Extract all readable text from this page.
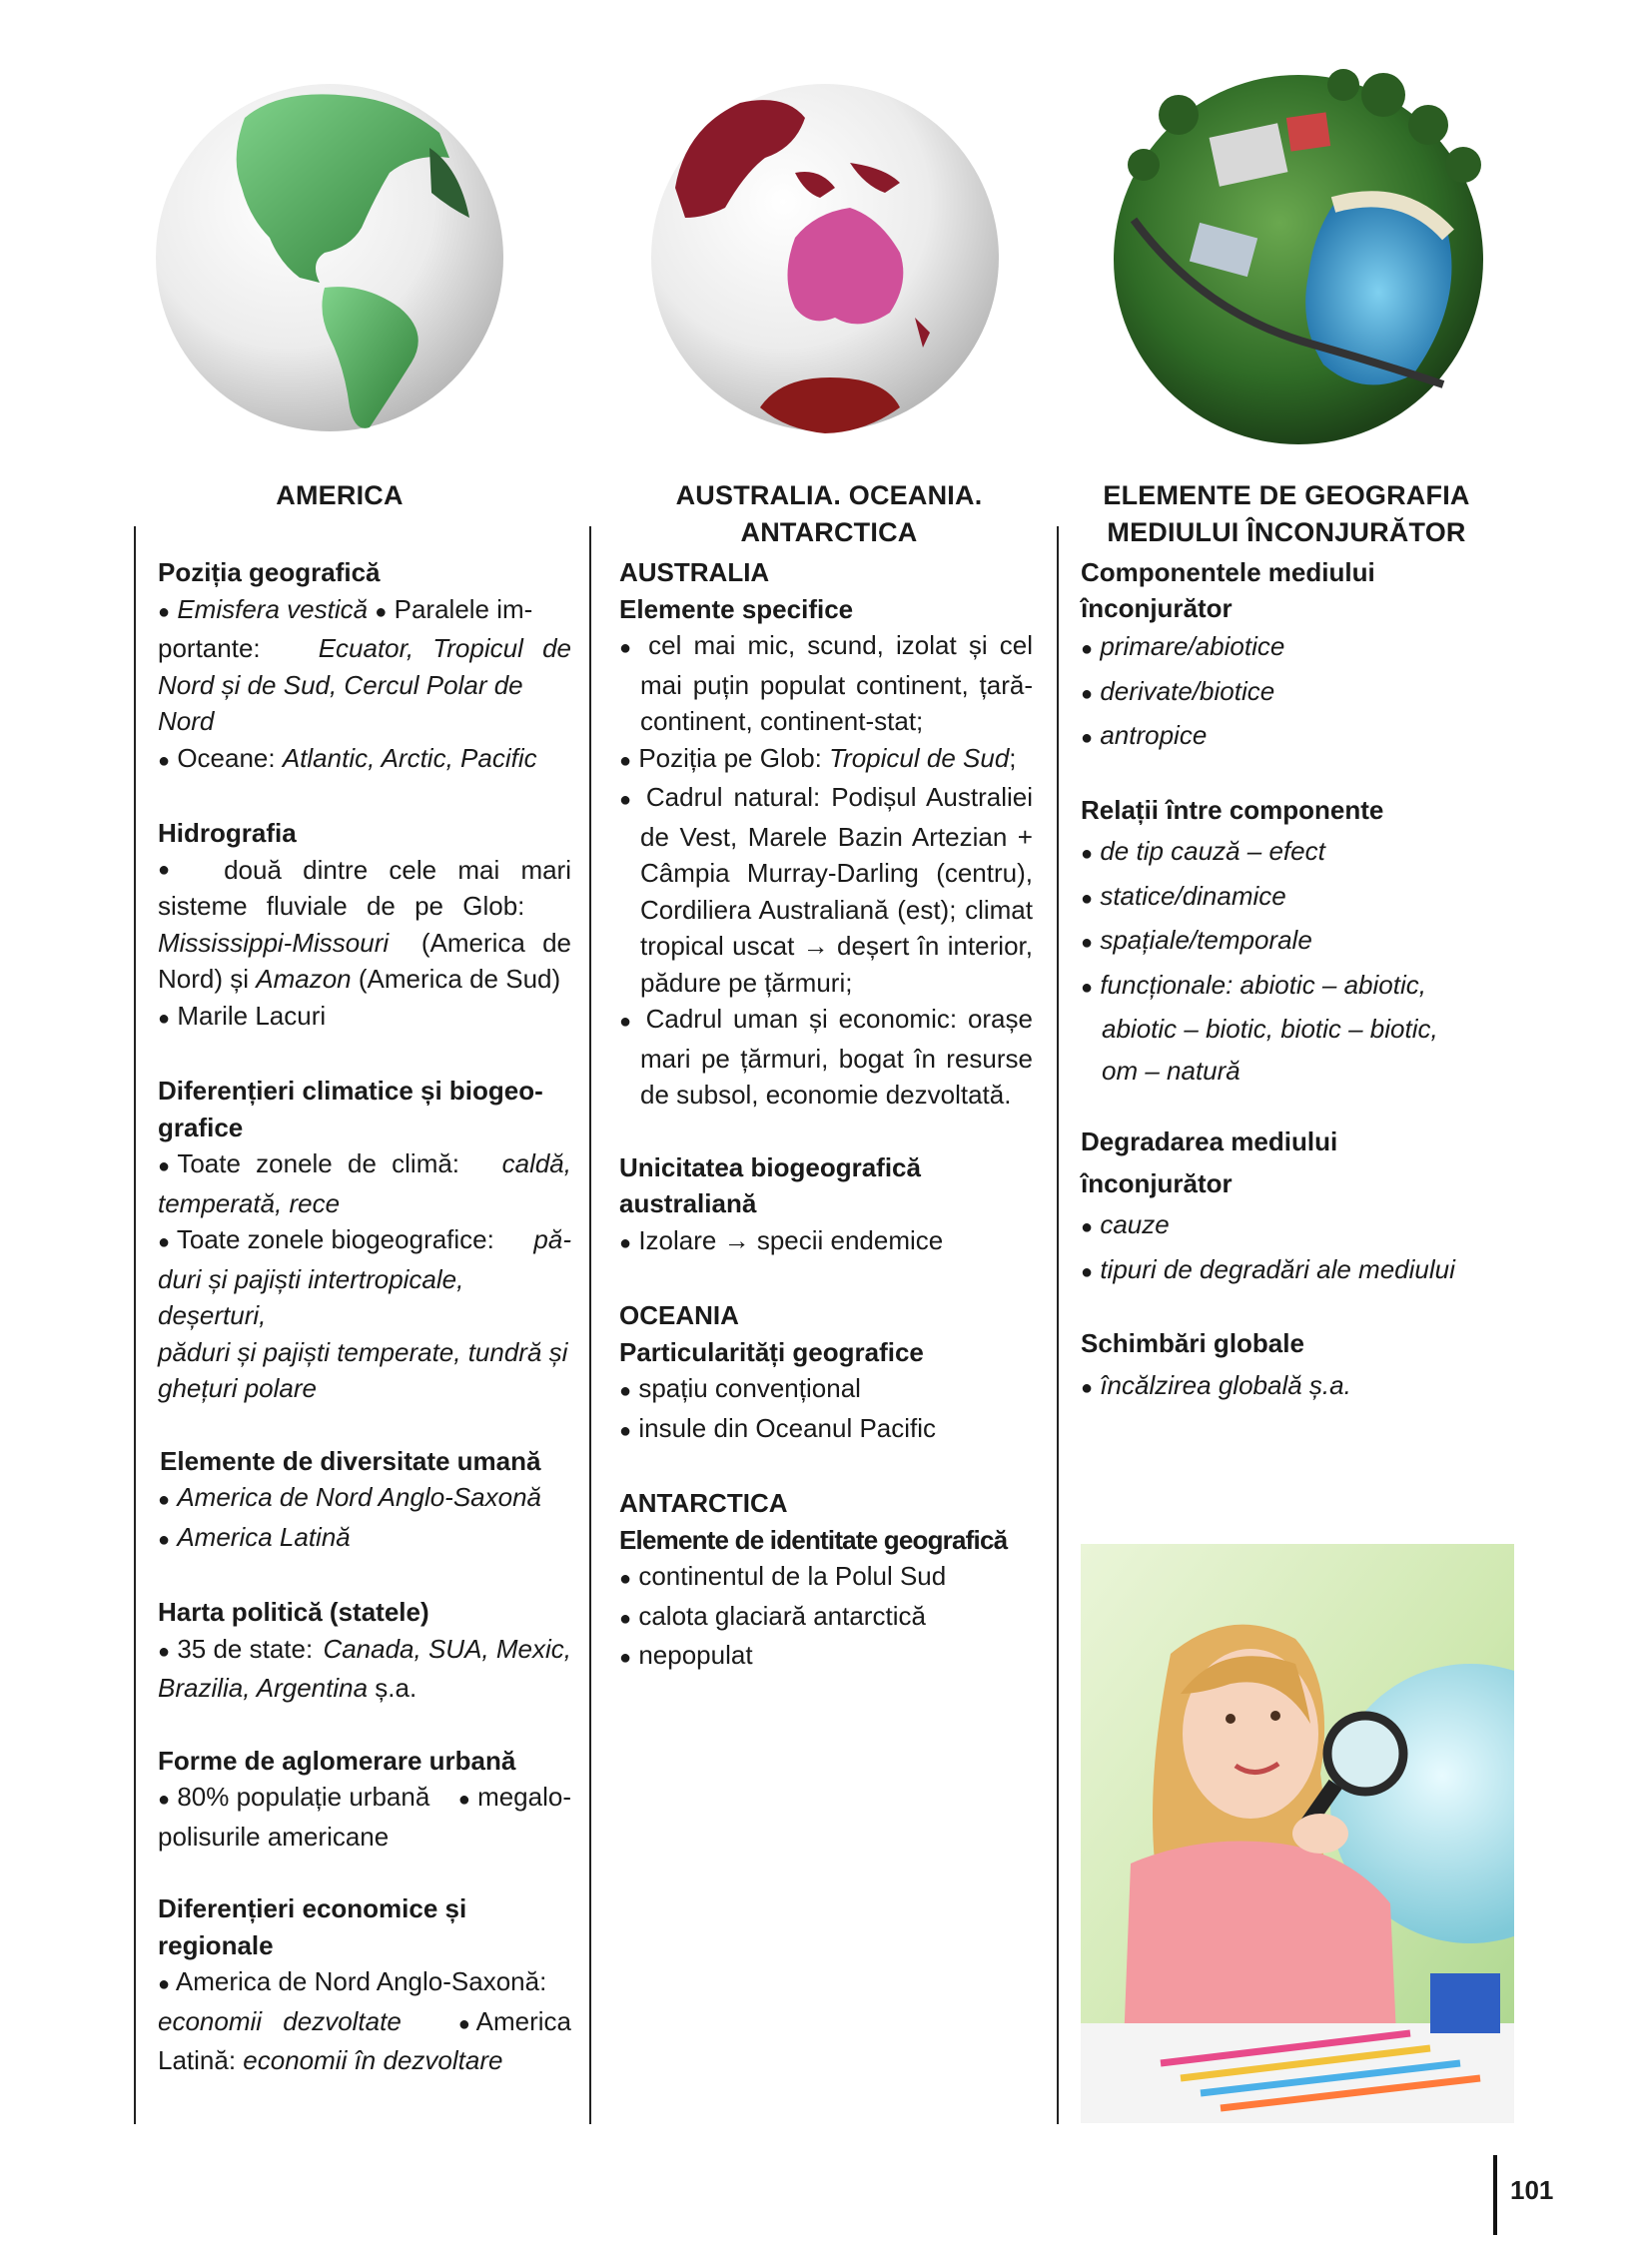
AMERICA	AUSTRALIA. OCEANIA.
ANTARCTICA
ELEMENTE DE GEOGRAFIA
MEDIULUI ÎNCONJURĂTOR

Poziția geografică

● Emisfera vestică ● Paralele im-

portante: Ecuator, Tropicul de

Nord și de Sud, Cercul Polar de Nord

● Oceane: Atlantic, Arctic, Pacific

Hidrografia

● două dintre cele mai mari

sisteme fluviale de pe Glob:

Mississippi-Missouri (America de

Nord) și Amazon (America de Sud)

● Marile Lacuri

Diferențieri climatice și biogeo-

grafice

● Toate zonele de climă: caldă,

temperată, rece

● Toate zonele biogeografice: pă-

duri și pajiști intertropicale, deșerturi,

păduri și pajiști temperate, tundră și

ghețuri polare

Elemente de diversitate umană

● America de Nord Anglo-Saxonă

● America Latină

Harta politică (statele)

● 35 de state: Canada, SUA, Mexic,

Brazilia, Argentina ș.a.

Forme de aglomerare urbană

● 80% populație urbană ● megalo-

polisurile americane

Diferențieri economice și

regionale

● America de Nord Anglo-Saxonă:

economii dezvoltate	● America

Latină: economii în dezvoltare

AUSTRALIA

Elemente specifice

● cel mai mic, scund, izolat și cel mai puțin populat continent, țară-continent, continent-stat;

● Poziția pe Glob: Tropicul de Sud;

● Cadrul natural: Podișul Australiei de Vest, Marele Bazin Artezian + Câmpia Murray-Darling (centru), Cordiliera Australiană (est); climat tropical uscat → deșert în interior, pădure pe țărmuri;

● Cadrul uman și economic: orașe mari pe țărmuri, bogat în resurse de subsol, economie dezvoltată.

Unicitatea biogeografică

australiană

● Izolare → specii endemice

OCEANIA

Particularități geografice

● spațiu convențional

● insule din Oceanul Pacific

ANTARCTICA

Elemente de identitate geografică

● continentul de la Polul Sud

● calota glaciară antarctică

● nepopulat

Componentele mediului

înconjurător

● primare/abiotice

● derivate/biotice

● antropice

Relații între componente

● de tip cauză – efect

● statice/dinamice

● spațiale/temporale

● funcționale: abiotic – abiotic,

abiotic – biotic, biotic – biotic,

om – natură

Degradarea mediului

înconjurător

● cauze

● tipuri de degradări ale mediului

Schimbări globale

● încălzirea globală ș.a.

101
